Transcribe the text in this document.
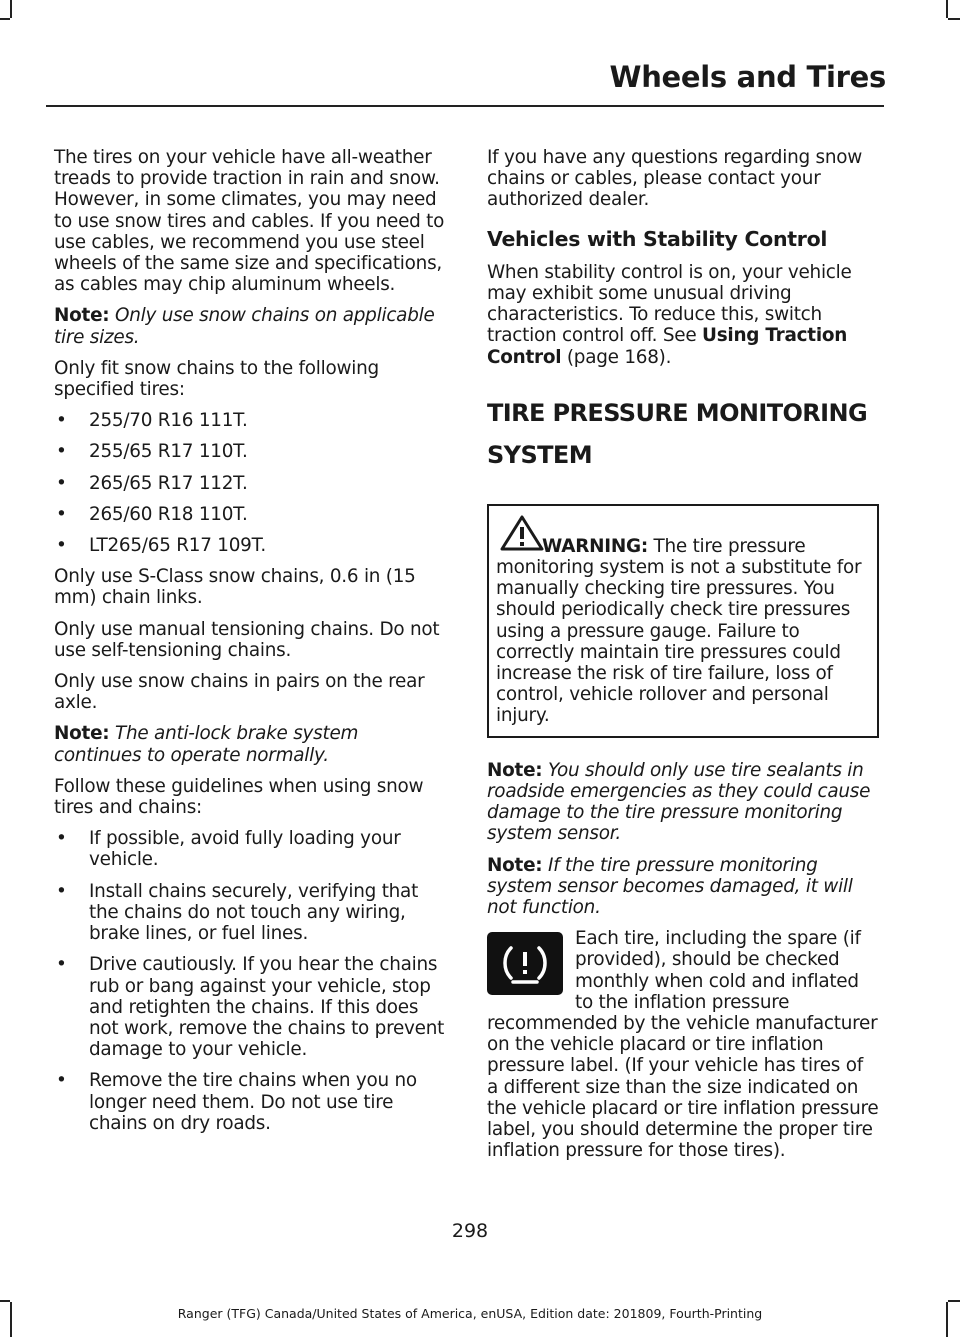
Wheels and Tires

The tires on your vehicle have all-weather treads to provide traction in rain and snow. However, in some climates, you may need to use snow tires and cables. If you need to use cables, we recommend you use steel wheels of the same size and specifications, as cables may chip aluminum wheels.

Note: Only use snow chains on applicable tire sizes.

Only fit snow chains to the following specified tires:

• 255/70 R16 111T.
• 255/65 R17 110T.
• 265/65 R17 112T.
• 265/60 R18 110T.
• LT265/65 R17 109T.

Only use S-Class snow chains, 0.6 in (15 mm) chain links.

Only use manual tensioning chains. Do not use self-tensioning chains.

Only use snow chains in pairs on the rear axle.

Note: The anti-lock brake system continues to operate normally.

Follow these guidelines when using snow tires and chains:

• If possible, avoid fully loading your vehicle.
• Install chains securely, verifying that the chains do not touch any wiring, brake lines, or fuel lines.
• Drive cautiously. If you hear the chains rub or bang against your vehicle, stop and retighten the chains. If this does not work, remove the chains to prevent damage to your vehicle.
• Remove the tire chains when you no longer need them. Do not use tire chains on dry roads.

If you have any questions regarding snow chains or cables, please contact your authorized dealer.

Vehicles with Stability Control

When stability control is on, your vehicle may exhibit some unusual driving characteristics. To reduce this, switch traction control off. See Using Traction Control (page 168).

TIRE PRESSURE MONITORING
SYSTEM
WARNING: The tire pressure monitoring system is not a substitute for manually checking tire pressures. You should periodically check tire pressures using a pressure gauge. Failure to correctly maintain tire pressures could increase the risk of tire failure, loss of control, vehicle rollover and personal injury.

Note: You should only use tire sealants in roadside emergencies as they could cause damage to the tire pressure monitoring system sensor.

Note: If the tire pressure monitoring system sensor becomes damaged, it will not function.

Each tire, including the spare (if provided), should be checked monthly when cold and inflated to the inflation pressure recommended by the vehicle manufacturer on the vehicle placard or tire inflation pressure label. (If your vehicle has tires of a different size than the size indicated on the vehicle placard or tire inflation pressure label, you should determine the proper tire inflation pressure for those tires).

298
Ranger (TFG) Canada/United States of America, enUSA, Edition date: 201809, Fourth-Printing
